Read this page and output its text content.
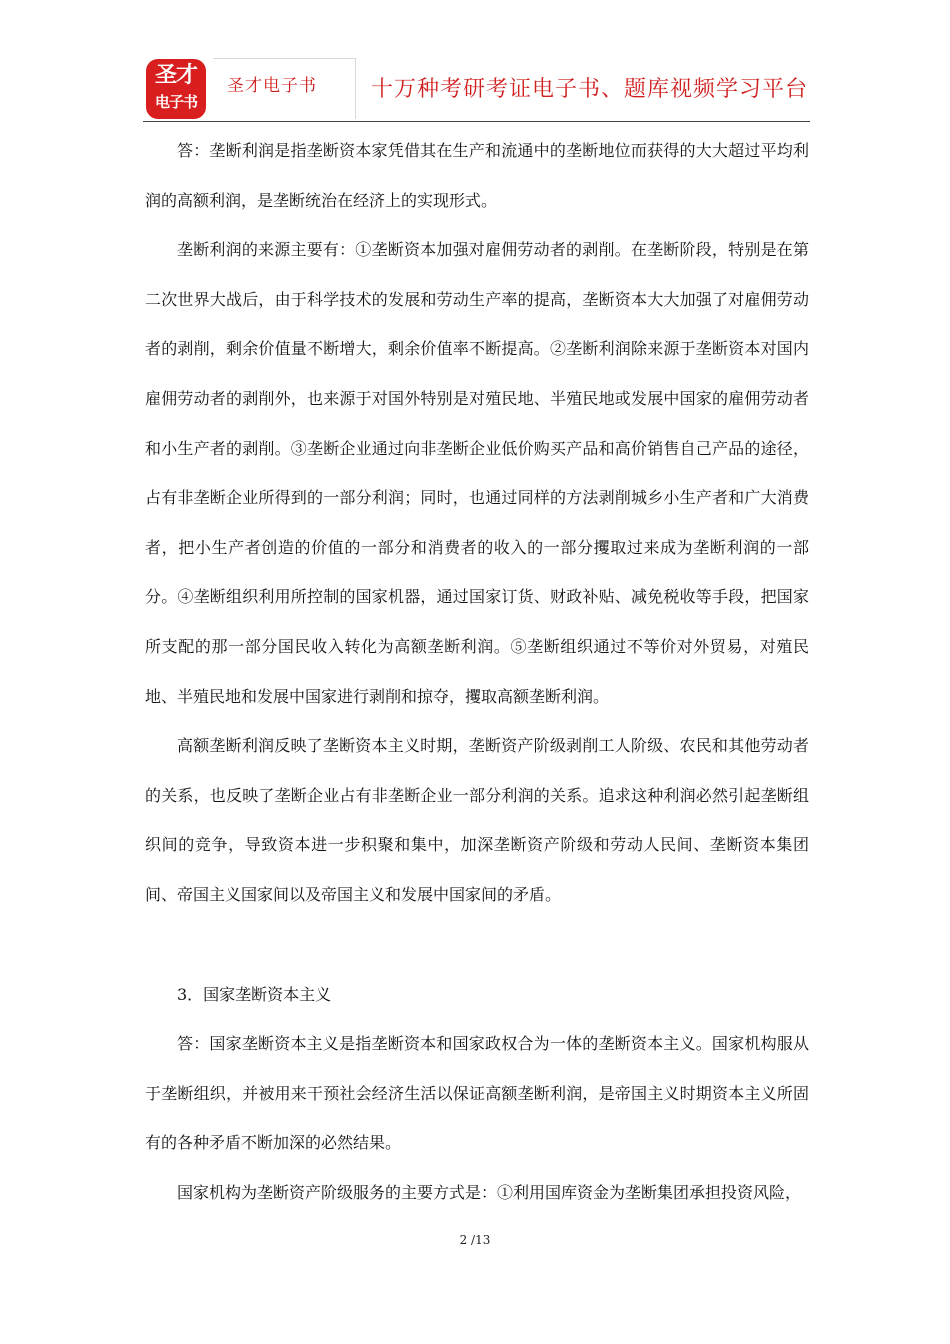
圣才
电子书
圣才电子书 十万种考研考证电子书、题库视频学习平台

答：垄断利润是指垄断资本家凭借其在生产和流通中的垄断地位而获得的大大超过平均利润的高额利润，是垄断统治在经济上的实现形式。

垄断利润的来源主要有：①垄断资本加强对雇佣劳动者的剥削。在垄断阶段，特别是在第二次世界大战后，由于科学技术的发展和劳动生产率的提高，垄断资本大大加强了对雇佣劳动者的剥削，剩余价值量不断增大，剩余价值率不断提高。②垄断利润除来源于垄断资本对国内雇佣劳动者的剥削外，也来源于对国外特别是对殖民地、半殖民地或发展中国家的雇佣劳动者和小生产者的剥削。③垄断企业通过向非垄断企业低价购买产品和高价销售自己产品的途径，占有非垄断企业所得到的一部分利润；同时，也通过同样的方法剥削城乡小生产者和广大消费者，把小生产者创造的价值的一部分和消费者的收入的一部分攫取过来成为垄断利润的一部分。④垄断组织利用所控制的国家机器，通过国家订货、财政补贴、减免税收等手段，把国家所支配的那一部分国民收入转化为高额垄断利润。⑤垄断组织通过不等价对外贸易，对殖民地、半殖民地和发展中国家进行剥削和掠夺，攫取高额垄断利润。

高额垄断利润反映了垄断资本主义时期，垄断资产阶级剥削工人阶级、农民和其他劳动者的关系，也反映了垄断企业占有非垄断企业一部分利润的关系。追求这种利润必然引起垄断组织间的竞争，导致资本进一步积聚和集中，加深垄断资产阶级和劳动人民间、垄断资本集团间、帝国主义国家间以及帝国主义和发展中国家间的矛盾。

3．国家垄断资本主义

答：国家垄断资本主义是指垄断资本和国家政权合为一体的垄断资本主义。国家机构服从于垄断组织，并被用来干预社会经济生活以保证高额垄断利润，是帝国主义时期资本主义所固有的各种矛盾不断加深的必然结果。

国家机构为垄断资产阶级服务的主要方式是：①利用国库资金为垄断集团承担投资风险，

2 /13
